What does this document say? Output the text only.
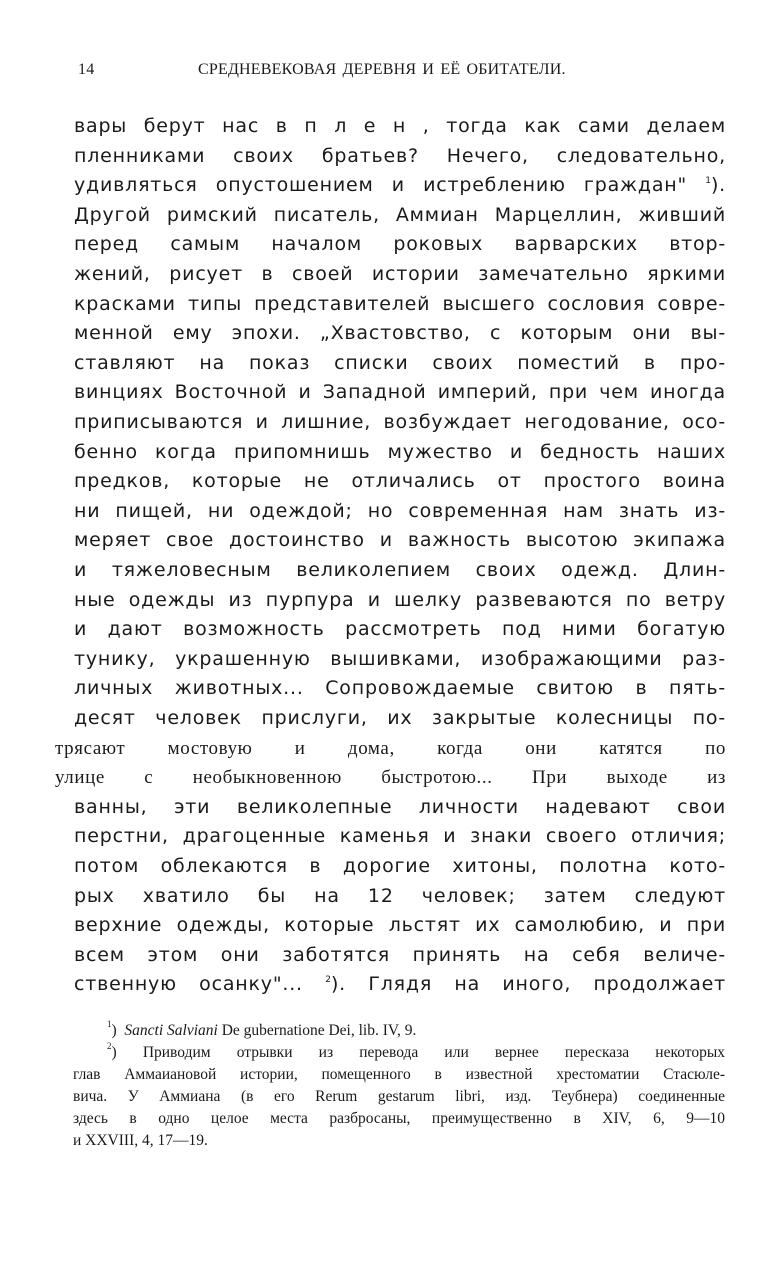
14	СРЕДНЕВЕКОВАЯ ДЕРЕВНЯ И ЕЁ ОБИТАТЕЛИ.
вары берут нас в п л е н , тогда как сами делаем
пленниками своих братьев? Нечего, следовательно,
удивляться опустошением и истреблению граждан" $^1$).
Другой римский писатель, Аммиан Марцеллин, живший
перед самым началом роковых варварских втор-
жений, рисует в своей истории замечательно яркими
красками типы представителей высшего сословия совре-
менной ему эпохи. „Хвастовство, с которым они вы-
ставляют на показ списки своих поместий в про-
винциях Восточной и Западной империй, при чем иногда
приписываются и лишние, возбуждает негодование, осо-
бенно когда припомнишь мужество и бедность наших
предков, которые не отличались от простого воина
ни пищей, ни одеждой; но современная нам знать из-
меряет свое достоинство и важность высотою экипажа
и тяжеловесным великолепием своих одежд. Длин-
ные одежды из пурпура и шелку развеваются по ветру
и дают возможность рассмотреть под ними богатую
тунику, украшенную вышивками, изображающими раз-
личных животных... Сопровождаемые свитою в пять-
десят человек прислуги, их закрытые колесницы по-
трясают мостовую и дома, когда они катятся по
улице с необыкновенною быстротою... При выходе из
ванны, эти великолепные личности надевают свои
перстни, драгоценные каменья и знаки своего отличия;
потом облекаются в дорогие хитоны, полотна кото-
рых хватило бы на 12 человек; затем следуют
верхние одежды, которые льстят их самолюбию, и при
всем этом они заботятся принять на себя величе-
ственную осанку"... $^2$). Глядя на иного, продолжает
$^1$) Sancti Salviani De gubernatione Dei, lib. IV, 9.
$^2$) Приводим отрывки из перевода или вернее пересказа некоторых
глав Аммаиановой истории, помещенного в известной хрестоматии Стасюле-
вича. У Аммиана (в его Rerum gestarum libri, изд. Теубнера) соединенные
здесь в одно целое места разбросаны, преимущественно в XIV, 6, 9—10
и XXVIII, 4, 17—19.
